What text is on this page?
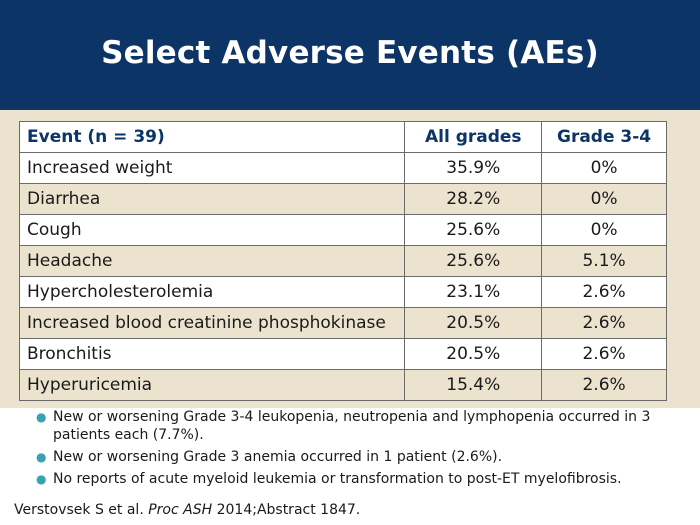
Select Adverse Events (AEs)
Event (n = 39)	All grades	Grade 3-4
Increased weight	35.9%	0%
Diarrhea	28.2%	0%
Cough	25.6%	0%
Headache	25.6%	5.1%
Hypercholesterolemia	23.1%	2.6%
Increased blood creatinine phosphokinase	20.5%	2.6%
Bronchitis	20.5%	2.6%
Hyperuricemia	15.4%	2.6%
● New or worsening Grade 3-4 leukopenia, neutropenia and lymphopenia occurred in 3 patients each (7.7%).
● New or worsening Grade 3 anemia occurred in 1 patient (2.6%).
● No reports of acute myeloid leukemia or transformation to post-ET myelofibrosis.
Verstovsek S et al. Proc ASH 2014;Abstract 1847.
